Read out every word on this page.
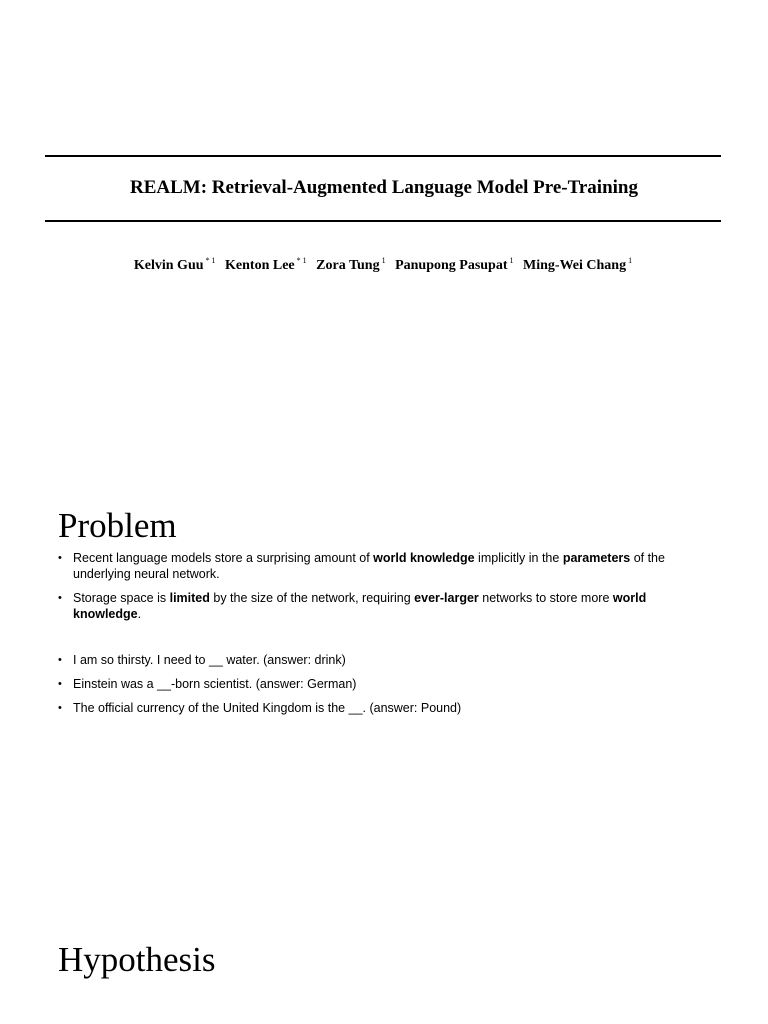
REALM: Retrieval-Augmented Language Model Pre-Training
Kelvin Guu $^{* 1}$ Kenton Lee $^{* 1}$ Zora Tung $^1$ Panupong Pasupat $^1$ Ming-Wei Chang $^1$
Problem
• Recent language models store a surprising amount of world knowledge implicitly in the parameters of the underlying neural network.
• Storage space is limited by the size of the network, requiring ever-larger networks to store more world knowledge.
• I am so thirsty. I need to __ water. (answer: drink)
• Einstein was a __-born scientist. (answer: German)
• The official currency of the United Kingdom is the __. (answer: Pound)
Hypothesis
